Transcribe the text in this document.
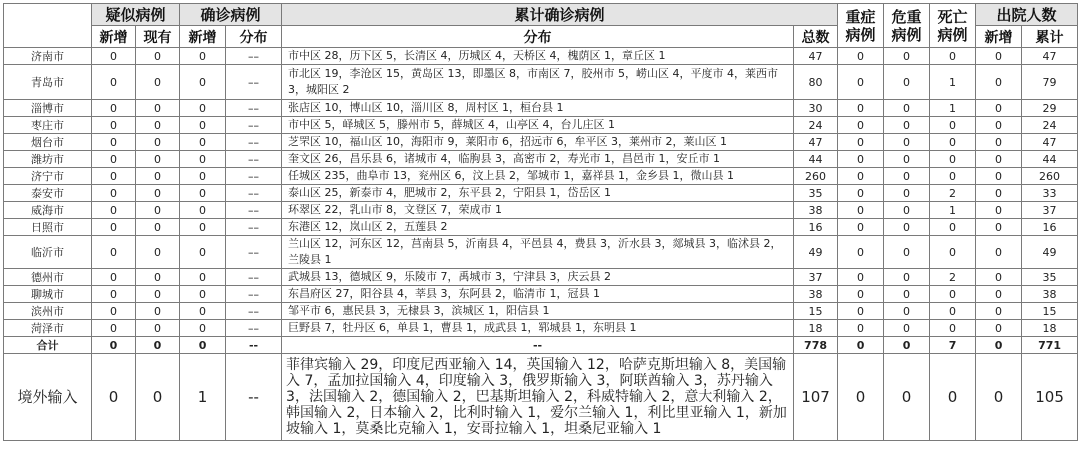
	疑似病例		确诊病例		累计确诊病例		重症病例	危重病例	死亡病例	出院人数	
	新增	现有	新增	分布	分布	总数				新增	累计
济南市	0	0	0	––	市中区 28，历下区 5，长清区 4，历城区 4，天桥区 4，槐荫区 1，章丘区 1	47	0	0	0	0	47
青岛市	0	0	0	––	市北区 19，李沧区 15，黄岛区 13，即墨区 8，市南区 7，胶州市 5，崂山区 4，平度市 4，莱西市 3，城阳区 2	80	0	0	1	0	79
淄博市	0	0	0	––	张店区 10，博山区 10，淄川区 8，周村区 1，桓台县 1	30	0	0	1	0	29
枣庄市	0	0	0	––	市中区 5，峄城区 5，滕州市 5，薛城区 4，山亭区 4，台儿庄区 1	24	0	0	0	0	24
烟台市	0	0	0	––	芝罘区 10，福山区 10，海阳市 9，莱阳市 6，招远市 6，牟平区 3，莱州市 2，莱山区 1	47	0	0	0	0	47
潍坊市	0	0	0	––	奎文区 26，昌乐县 6，诸城市 4，临朐县 3，高密市 2，寿光市 1，昌邑市 1，安丘市 1	44	0	0	0	0	44
济宁市	0	0	0	––	任城区 235，曲阜市 13，兖州区 6，汶上县 2，邹城市 1，嘉祥县 1，金乡县 1，微山县 1	260	0	0	0	0	260
泰安市	0	0	0	––	泰山区 25，新泰市 4，肥城市 2，东平县 2，宁阳县 1，岱岳区 1	35	0	0	2	0	33
威海市	0	0	0	––	环翠区 22，乳山市 8，文登区 7，荣成市 1	38	0	0	1	0	37
日照市	0	0	0	––	东港区 12，岚山区 2，五莲县 2	16	0	0	0	0	16
临沂市	0	0	0	––	兰山区 12，河东区 12，莒南县 5，沂南县 4，平邑县 4，费县 3，沂水县 3，郯城县 3，临沭县 2，兰陵县 1	49	0	0	0	0	49
德州市	0	0	0	––	武城县 13，德城区 9，乐陵市 7，禹城市 3，宁津县 3，庆云县 2	37	0	0	2	0	35
聊城市	0	0	0	––	东昌府区 27，阳谷县 4，莘县 3，东阿县 2，临清市 1，冠县 1	38	0	0	0	0	38
滨州市	0	0	0	––	邹平市 6，惠民县 3，无棣县 3，滨城区 1，阳信县 1	15	0	0	0	0	15
菏泽市	0	0	0	––	巨野县 7，牡丹区 6，单县 1，曹县 1，成武县 1，郓城县 1，东明县 1	18	0	0	0	0	18
合计	0	0	0	--	--	778	0	0	7	0	771
境外输入	0	0	1	--	菲律宾输入 29，印度尼西亚输入 14，英国输入 12，哈萨克斯坦输入 8，美国输入 7，孟加拉国输入 4，印度输入 3，俄罗斯输入 3，阿联酋输入 3，苏丹输入 3，法国输入 2，德国输入 2，巴基斯坦输入 2，科威特输入 2，意大利输入 2，韩国输入 2，日本输入 2，比利时输入 1，爱尔兰输入 1，利比里亚输入 1，新加坡输入 1，莫桑比克输入 1，安哥拉输入 1，坦桑尼亚输入 1	107	0	0	0	0	105
